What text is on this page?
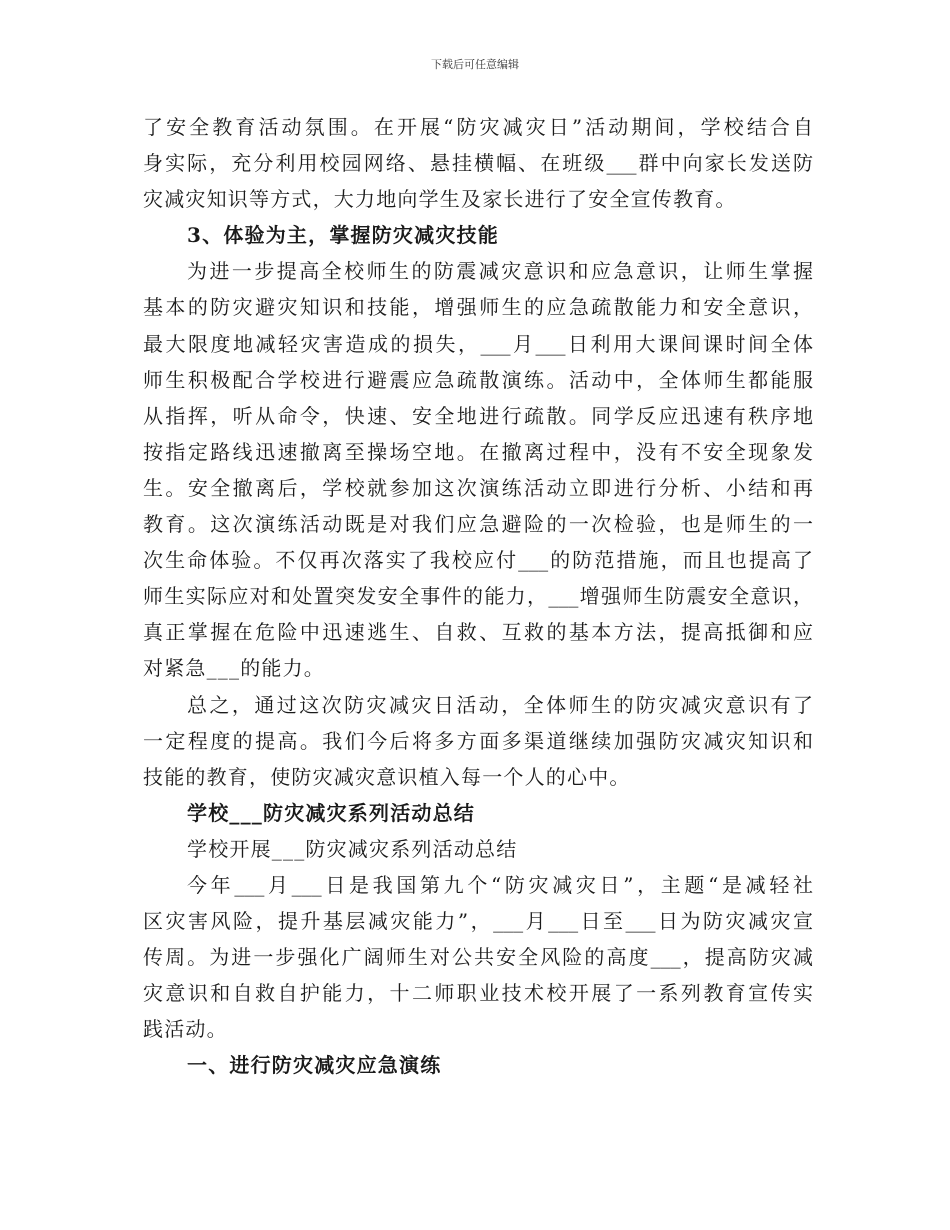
下载后可任意编辑
了安全教育活动氛围。在开展“防灾减灾日”活动期间，学校结合自
身实际，充分利用校园网络、悬挂横幅、在班级___群中向家长发送防
灾减灾知识等方式，大力地向学生及家长进行了安全宣传教育。
3、体验为主，掌握防灾减灾技能
为进一步提高全校师生的防震减灾意识和应急意识，让师生掌握
基本的防灾避灾知识和技能，增强师生的应急疏散能力和安全意识，
最大限度地减轻灾害造成的损失，___月___日利用大课间课时间全体
师生积极配合学校进行避震应急疏散演练。活动中，全体师生都能服
从指挥，听从命令，快速、安全地进行疏散。同学反应迅速有秩序地
按指定路线迅速撤离至操场空地。在撤离过程中，没有不安全现象发
生。安全撤离后，学校就参加这次演练活动立即进行分析、小结和再
教育。这次演练活动既是对我们应急避险的一次检验，也是师生的一
次生命体验。不仅再次落实了我校应付___的防范措施，而且也提高了
师生实际应对和处置突发安全事件的能力，___增强师生防震安全意识，
真正掌握在危险中迅速逃生、自救、互救的基本方法，提高抵御和应
对紧急___的能力。
总之，通过这次防灾减灾日活动，全体师生的防灾减灾意识有了
一定程度的提高。我们今后将多方面多渠道继续加强防灾减灾知识和
技能的教育，使防灾减灾意识植入每一个人的心中。
学校___防灾减灾系列活动总结
学校开展___防灾减灾系列活动总结
今年___月___日是我国第九个“防灾减灾日”，主题“是减轻社
区灾害风险，提升基层减灾能力”，___月___日至___日为防灾减灾宣
传周。为进一步强化广阔师生对公共安全风险的高度___，提高防灾减
灾意识和自救自护能力，十二师职业技术校开展了一系列教育宣传实
践活动。
一、进行防灾减灾应急演练
